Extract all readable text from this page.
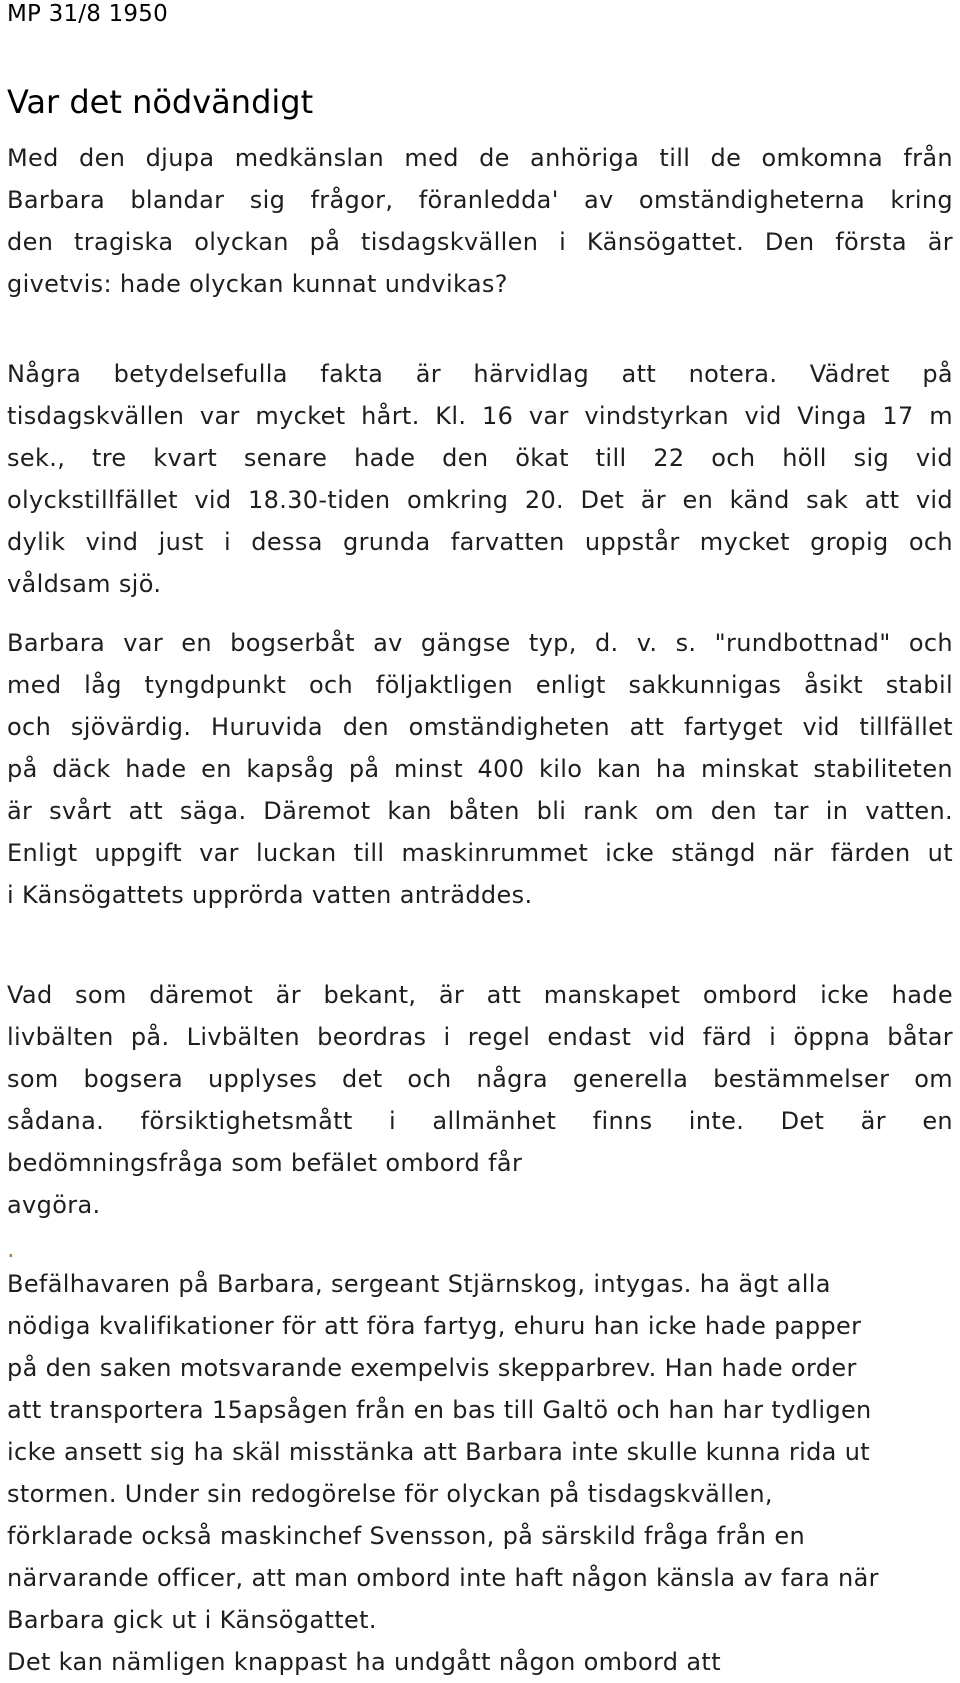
MP 31/8 1950
Var det nödvändigt
Med den djupa medkänslan med de anhöriga till de omkomna från
Barbara blandar sig frågor, föranledda' av omständigheterna kring
den tragiska olyckan på tisdagskvällen i Känsögattet. Den första är
givetvis: hade olyckan kunnat undvikas?
Några betydelsefulla fakta är härvidlag att notera. Vädret på
tisdagskvällen var mycket hårt. Kl. 16 var vindstyrkan vid Vinga 17 m
sek., tre kvart senare hade den ökat till 22 och höll sig vid
olyckstillfället vid 18.30-tiden omkring 20. Det är en känd sak att vid
dylik vind just i dessa grunda farvatten uppstår mycket gropig och
våldsam sjö.
Barbara var en bogserbåt av gängse typ, d. v. s. "rundbottnad" och
med låg tyngdpunkt och följaktligen enligt sakkunnigas åsikt stabil
och sjövärdig. Huruvida den omständigheten att fartyget vid tillfället
på däck hade en kapsåg på minst 400 kilo kan ha minskat stabiliteten
är svårt att säga. Däremot kan båten bli rank om den tar in vatten.
Enligt uppgift var luckan till maskinrummet icke stängd när färden ut
i Känsögattets upprörda vatten anträddes.
Vad som däremot är bekant, är att manskapet ombord icke hade
livbälten på. Livbälten beordras i regel endast vid färd i öppna båtar
som bogsera upplyses det och några generella bestämmelser om
sådana. försiktighetsmått i allmänhet finns inte. Det är en
bedömningsfråga som befälet ombord får
avgöra.
.
Befälhavaren på Barbara, sergeant Stjärnskog, intygas. ha ägt alla
nödiga kvalifikationer för att föra fartyg, ehuru han icke hade papper
på den saken motsvarande exempelvis skepparbrev. Han hade order
att transportera 15apsågen från en bas till Galtö och han har tydligen
icke ansett sig ha skäl misstänka att Barbara inte skulle kunna rida ut
stormen. Under sin redogörelse för olyckan på tisdagskvällen,
förklarade också maskinchef Svensson, på särskild fråga från en
närvarande officer, att man ombord inte haft någon känsla av fara när
Barbara gick ut i Känsögattet.
Det kan nämligen knappast ha undgått någon ombord att
